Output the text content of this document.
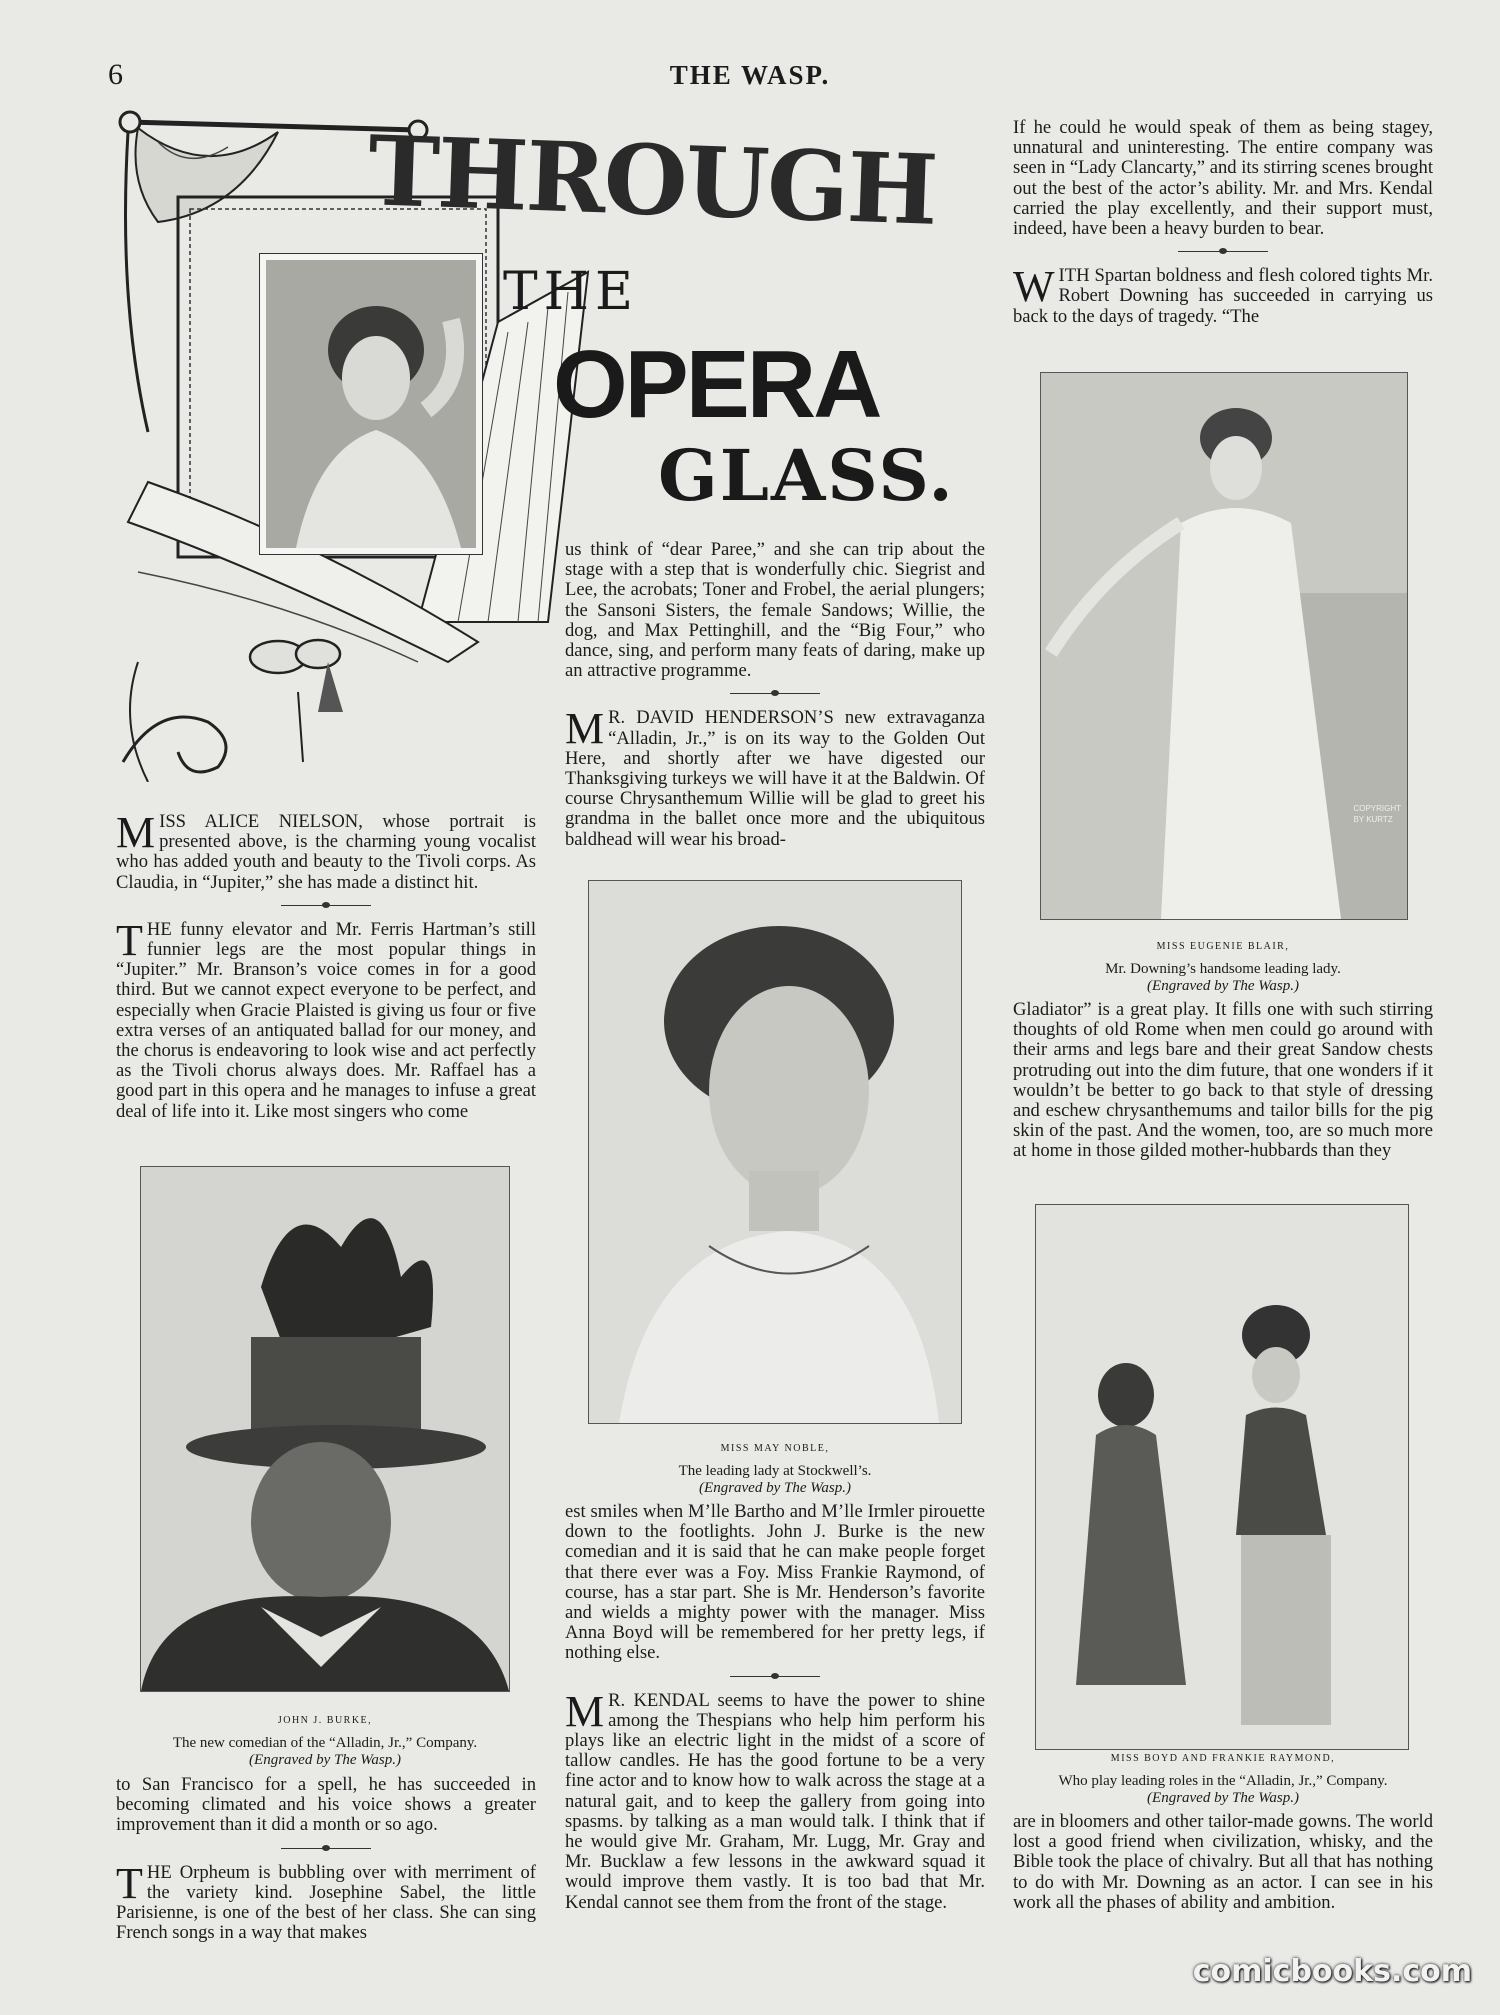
6	THE WASP.
THROUGH
THE
OPERA
GLASS.

MISS ALICE NIELSON, whose portrait is presented above, is the charming young vocalist who has added youth and beauty to the Tivoli corps. As Claudia, in “Jupiter,” she has made a distinct hit.

THE funny elevator and Mr. Ferris Hartman’s still funnier legs are the most popular things in “Jupiter.” Mr. Branson’s voice comes in for a good third. But we cannot expect everyone to be perfect, and especially when Gracie Plaisted is giving us four or five extra verses of an antiquated ballad for our money, and the chorus is endeavoring to look wise and act perfectly as the Tivoli chorus always does. Mr. Raffael has a good part in this opera and he manages to infuse a great deal of life into it. Like most singers who come

JOHN J. BURKE,
The new comedian of the “Alladin, Jr.,” Company.
(Engraved by The Wasp.)

to San Francisco for a spell, he has succeeded in becoming climated and his voice shows a greater improvement than it did a month or so ago.

THE Orpheum is bubbling over with merriment of the variety kind. Josephine Sabel, the little Parisienne, is one of the best of her class. She can sing French songs in a way that makes

us think of “dear Paree,” and she can trip about the stage with a step that is wonderfully chic. Siegrist and Lee, the acrobats; Toner and Frobel, the aerial plungers; the Sansoni Sisters, the female Sandows; Willie, the dog, and Max Pettinghill, and the “Big Four,” who dance, sing, and perform many feats of daring, make up an attractive programme.

M R. DAVID HENDERSON’S new extravaganza “Alladin, Jr.,” is on its way to the Golden Out Here, and shortly after we have digested our Thanksgiving turkeys we will have it at the Baldwin. Of course Chrysanthemum Willie will be glad to greet his grandma in the ballet once more and the ubiquitous baldhead will wear his broad-

MISS MAY NOBLE,
The leading lady at Stockwell’s.
(Engraved by The Wasp.)

est smiles when M’lle Bartho and M’lle Irmler pirouette down to the footlights. John J. Burke is the new comedian and it is said that he can make people forget that there ever was a Foy. Miss Frankie Raymond, of course, has a star part. She is Mr. Henderson’s favorite and wields a mighty power with the manager. Miss Anna Boyd will be remembered for her pretty legs, if nothing else.

M R. KENDAL seems to have the power to shine among the Thespians who help him perform his plays like an electric light in the midst of a score of tallow candles. He has the good fortune to be a very fine actor and to know how to walk across the stage at a natural gait, and to keep the gallery from going into spasms. by talking as a man would talk. I think that if he would give Mr. Graham, Mr. Lugg, Mr. Gray and Mr. Bucklaw a few lessons in the awkward squad it would improve them vastly. It is too bad that Mr. Kendal cannot see them from the front of the stage.

If he could he would speak of them as being stagey, unnatural and uninteresting. The entire company was seen in “Lady Clancarty,” and its stirring scenes brought out the best of the actor’s ability. Mr. and Mrs. Kendal carried the play excellently, and their support must, indeed, have been a heavy burden to bear.

WITH Spartan boldness and flesh colored tights Mr. Robert Downing has succeeded in carrying us back to the days of tragedy. “The

COPYRIGHT
BY KURTZ
MISS EUGENIE BLAIR,
Mr. Downing’s handsome leading lady.
(Engraved by The Wasp.)

Gladiator” is a great play. It fills one with such stirring thoughts of old Rome when men could go around with their arms and legs bare and their great Sandow chests protruding out into the dim future, that one wonders if it wouldn’t be better to go back to that style of dressing and eschew chrysanthemums and tailor bills for the pig skin of the past. And the women, too, are so much more at home in those gilded mother-hubbards than they

MISS BOYD AND FRANKIE RAYMOND,
Who play leading roles in the “Alladin, Jr.,” Company.
(Engraved by The Wasp.)

are in bloomers and other tailor-made gowns. The world lost a good friend when civilization, whisky, and the Bible took the place of chivalry. But all that has nothing to do with Mr. Downing as an actor. I can see in his work all the phases of ability and ambition.

comicbooks.com
